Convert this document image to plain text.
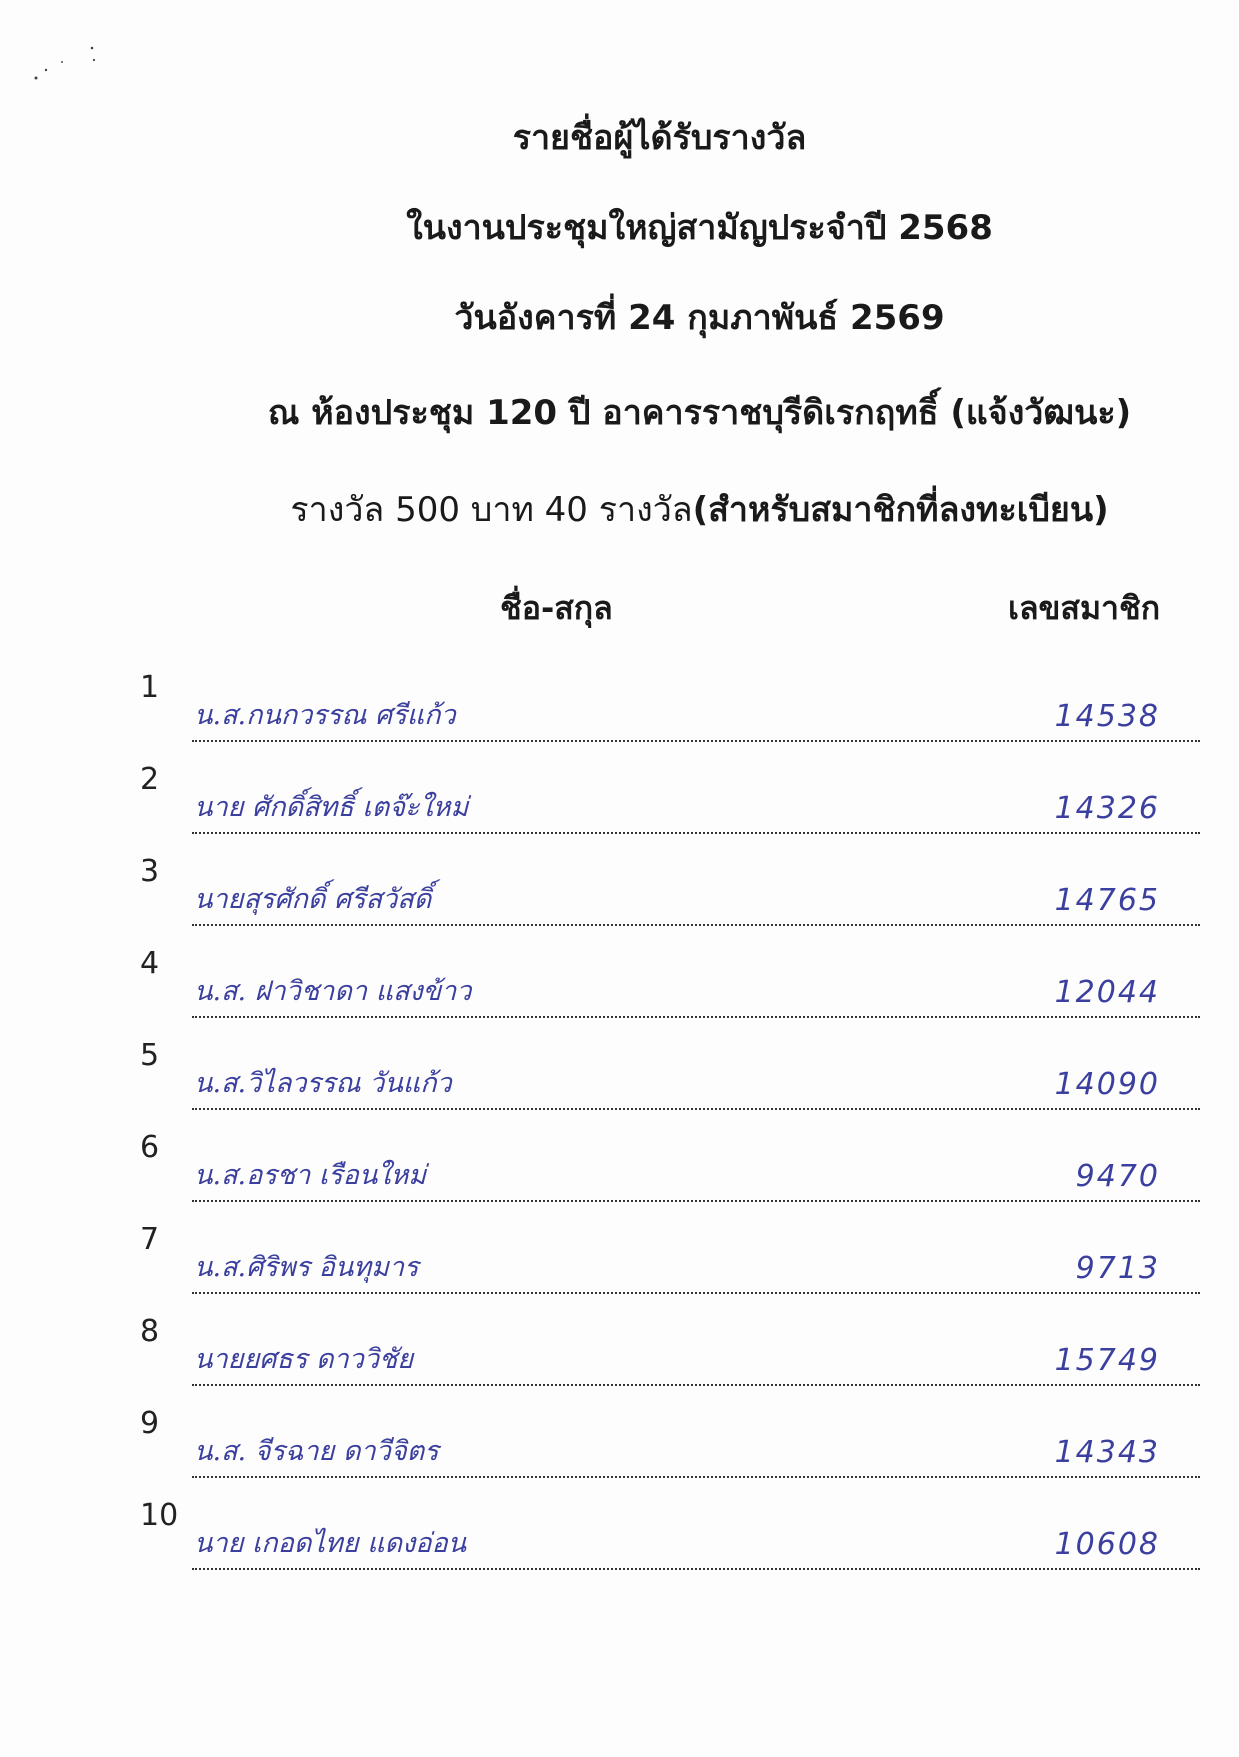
รายชื่อผู้ได้รับรางวัล
ในงานประชุมใหญ่สามัญประจำปี 2568
วันอังคารที่ 24 กุมภาพันธ์ 2569
ณ ห้องประชุม 120 ปี อาคารราชบุรีดิเรกฤทธิ์ (แจ้งวัฒนะ)
รางวัล 500 บาท 40 รางวัล(สำหรับสมาชิกที่ลงทะเบียน)
ชื่อ-สกุล	เลขสมาชิก
1
น.ส.กนกวรรณ ศรีแก้ว	14538
2
นาย ศักดิ์สิทธิ์ เตจ๊ะใหม่	14326
3
นายสุรศักดิ์ ศรีสวัสดิ์	14765
4
น.ส. ฝาวิชาดา แสงข้าว	12044
5
น.ส.วิไลวรรณ วันแก้ว	14090
6
น.ส.อรชา เรือนใหม่	9470
7
น.ส.ศิริพร อินทุมาร	9713
8
นายยศธร ดาววิชัย	15749
9
น.ส. จีรฉาย ดาวีจิตร	14343
10
นาย เกอดไทย แดงอ่อน	10608
